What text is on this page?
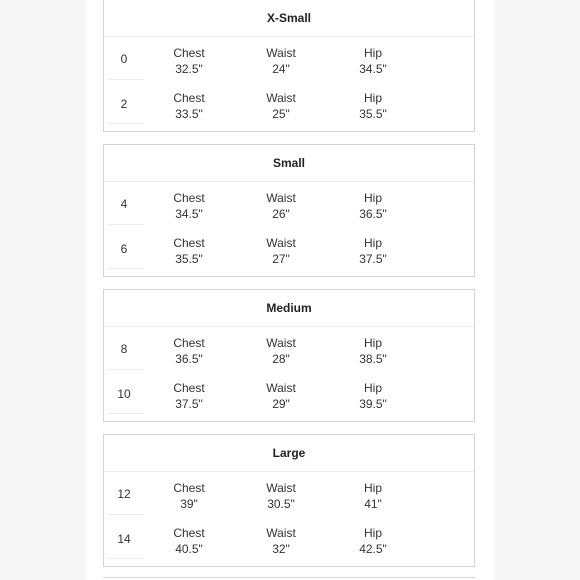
X-Small
0	Chest
32.5"
Waist
24"
Hip
34.5"
2	Chest
33.5"
Waist
25"
Hip
35.5"
Small
4	Chest
34.5"
Waist
26"
Hip
36.5"
6	Chest
35.5"
Waist
27"
Hip
37.5"
Medium
8	Chest
36.5"
Waist
28"
Hip
38.5"
10	Chest
37.5"
Waist
29"
Hip
39.5"
Large
12	Chest
39"
Waist
30.5"
Hip
41"
14	Chest
40.5"
Waist
32"
Hip
42.5"
